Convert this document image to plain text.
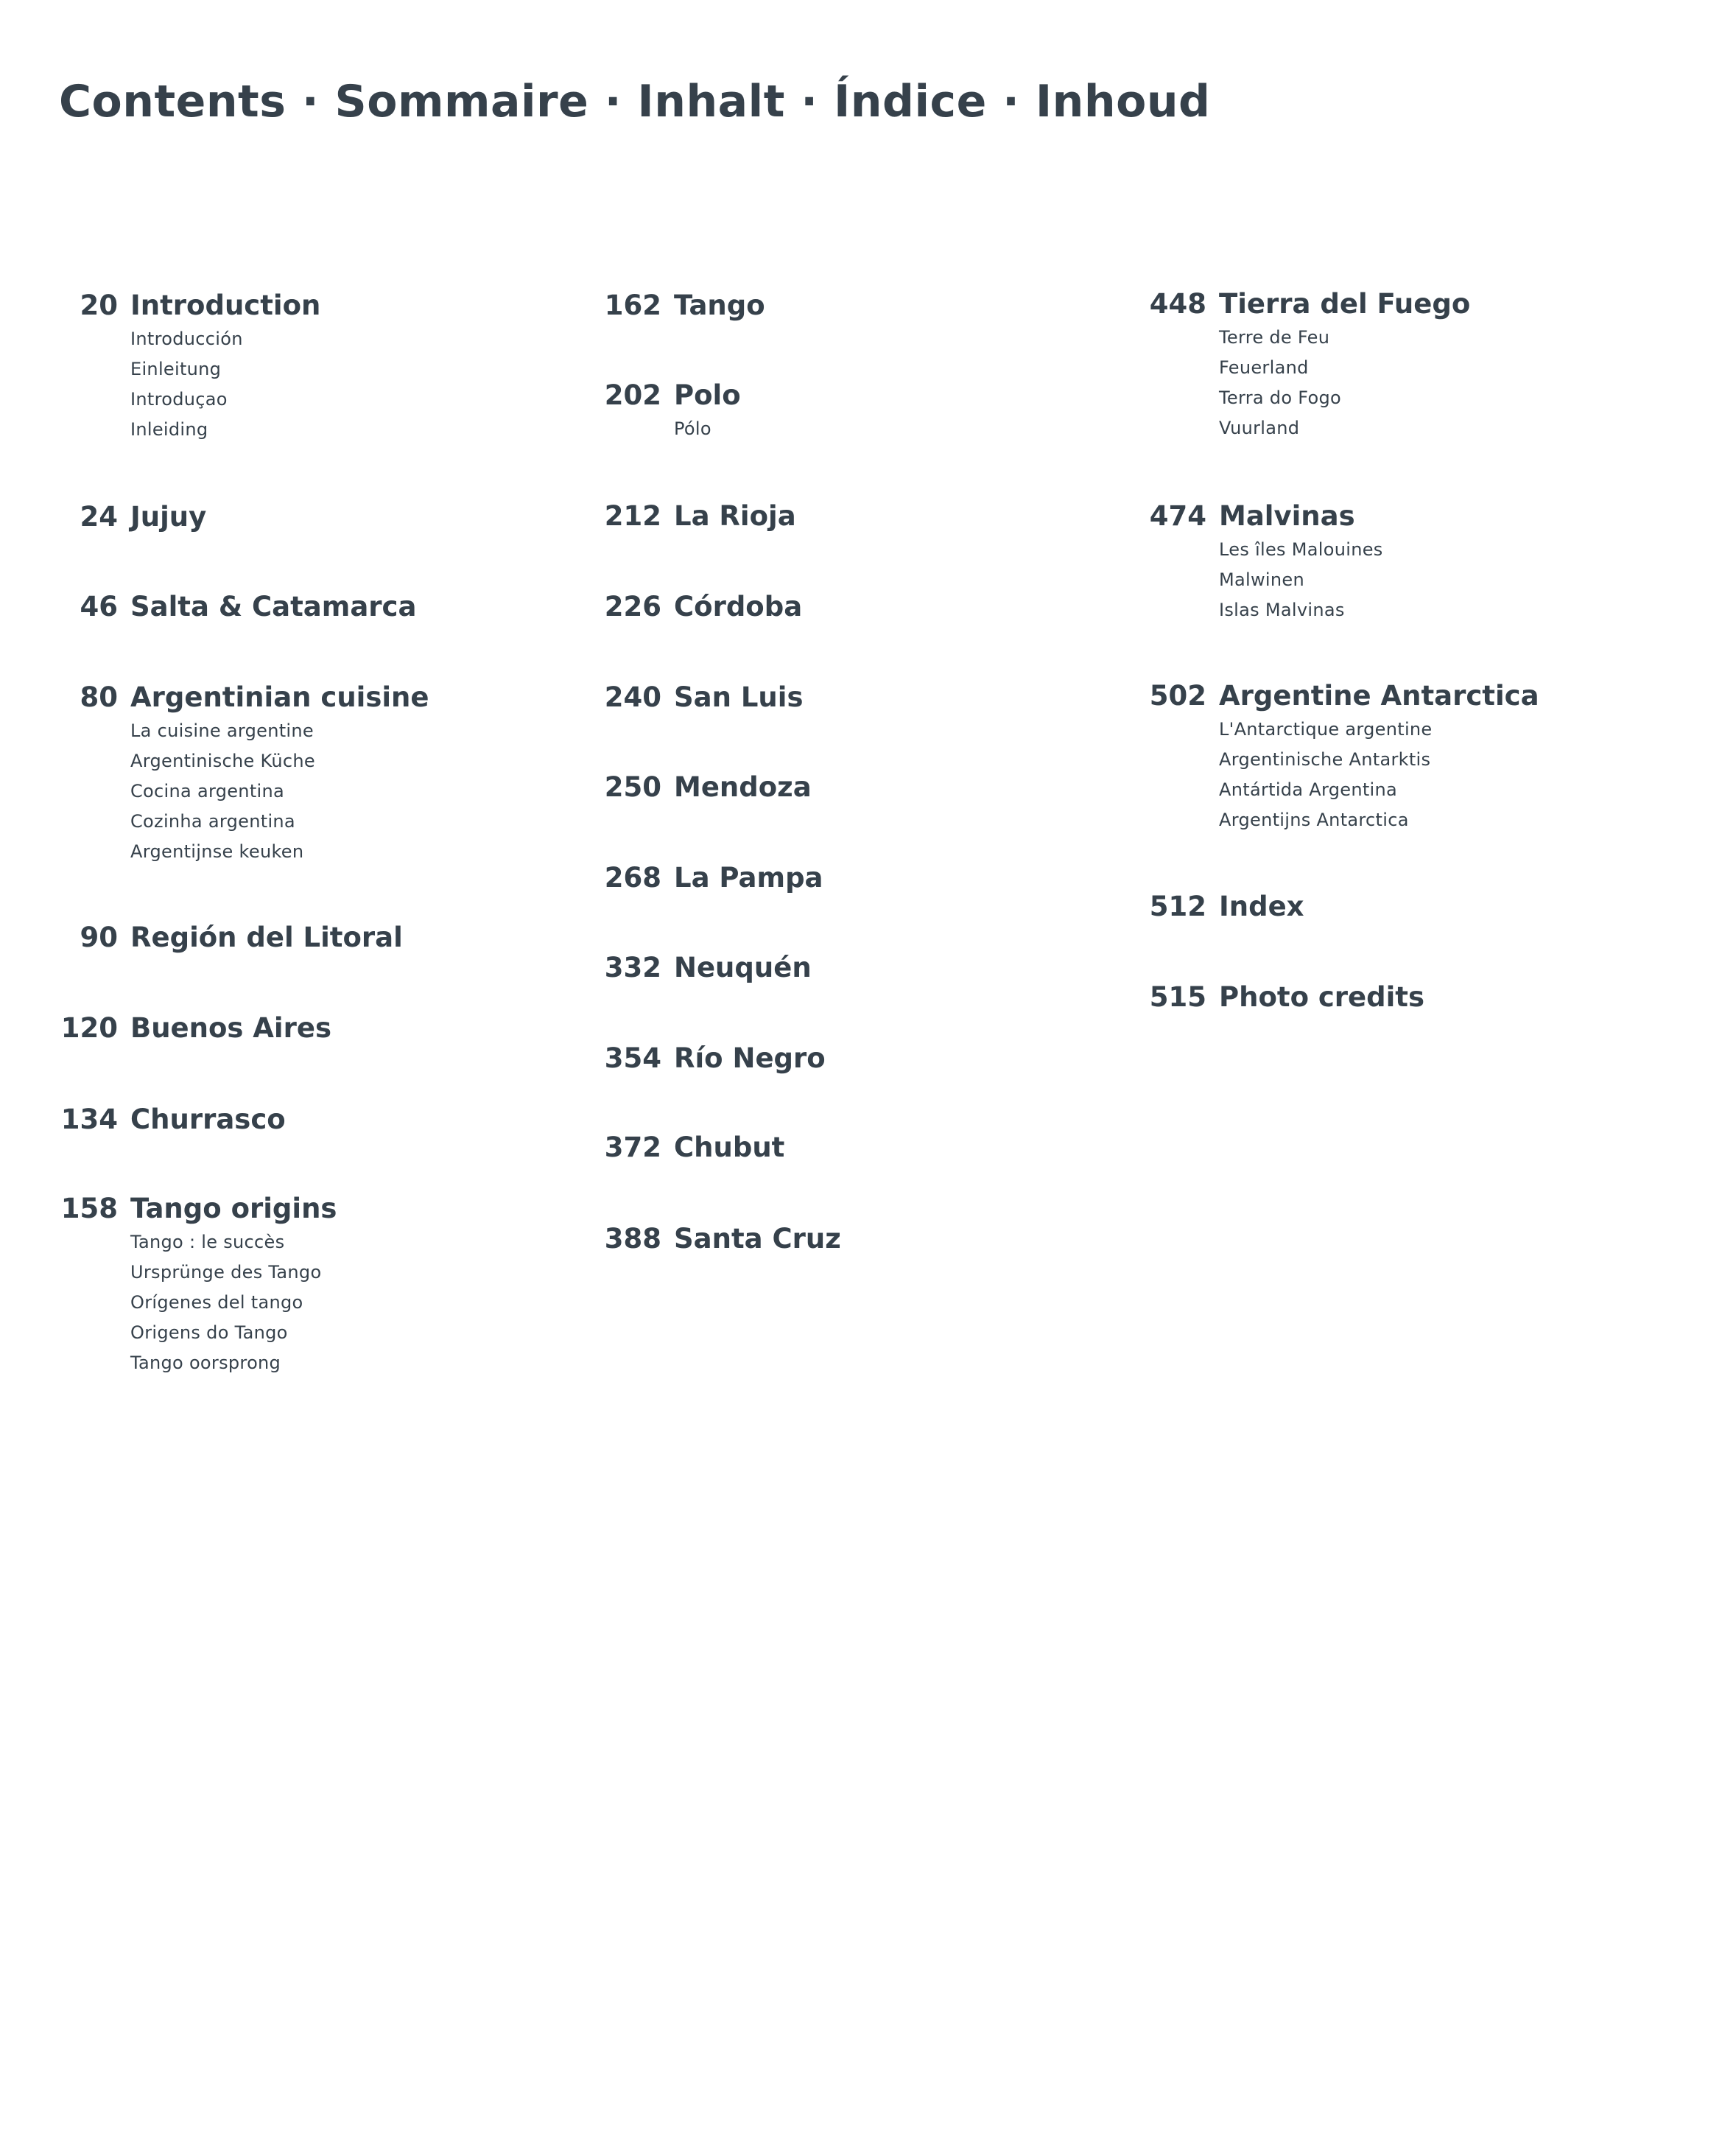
Contents · Sommaire · Inhalt · Índice · Inhoud
20 Introduction
Introducción
Einleitung
Introduçao
Inleiding
24 Jujuy
46 Salta & Catamarca
80 Argentinian cuisine
La cuisine argentine
Argentinische Küche
Cocina argentina
Cozinha argentina
Argentijnse keuken
90 Región del Litoral
120 Buenos Aires
134 Churrasco
158 Tango origins
Tango : le succès
Ursprünge des Tango
Orígenes del tango
Origens do Tango
Tango oorsprong
162 Tango
202 Polo
Pólo
212 La Rioja
226 Córdoba
240 San Luis
250 Mendoza
268 La Pampa
332 Neuquén
354 Río Negro
372 Chubut
388 Santa Cruz
448 Tierra del Fuego
Terre de Feu
Feuerland
Terra do Fogo
Vuurland
474 Malvinas
Les îles Malouines
Malwinen
Islas Malvinas
502 Argentine Antarctica
L'Antarctique argentine
Argentinische Antarktis
Antártida Argentina
Argentijns Antarctica
512 Index
515 Photo credits
